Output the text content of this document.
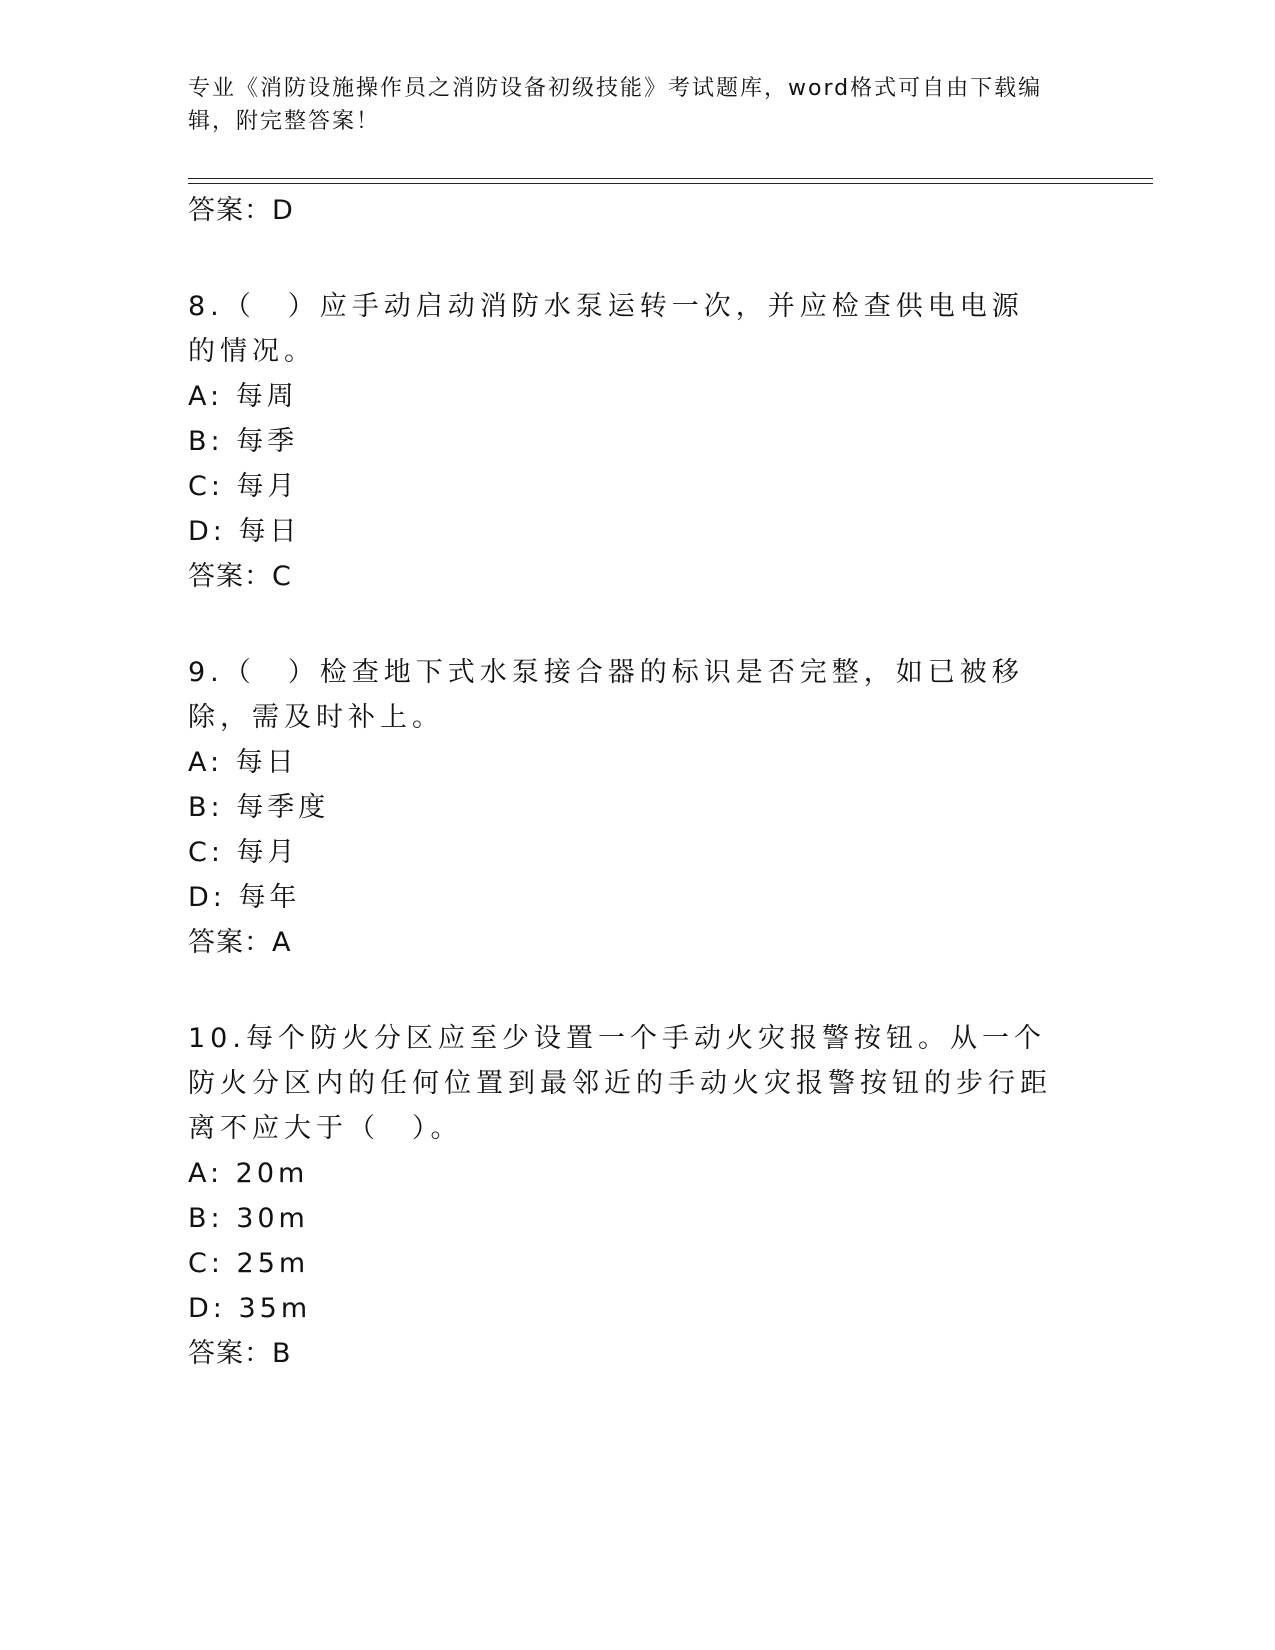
专业《消防设施操作员之消防设备初级技能》考试题库，word格式可自由下载编辑，附完整答案！
答案：D
8.（　）应手动启动消防水泵运转一次，并应检查供电电源的情况。
A: 每周
B: 每季
C: 每月
D: 每日
答案：C
9.（　）检查地下式水泵接合器的标识是否完整，如已被移除，需及时补上。
A: 每日
B: 每季度
C: 每月
D: 每年
答案：A
10.每个防火分区应至少设置一个手动火灾报警按钮。从一个防火分区内的任何位置到最邻近的手动火灾报警按钮的步行距离不应大于（　）。
A: 20m
B: 30m
C: 25m
D: 35m
答案：B
